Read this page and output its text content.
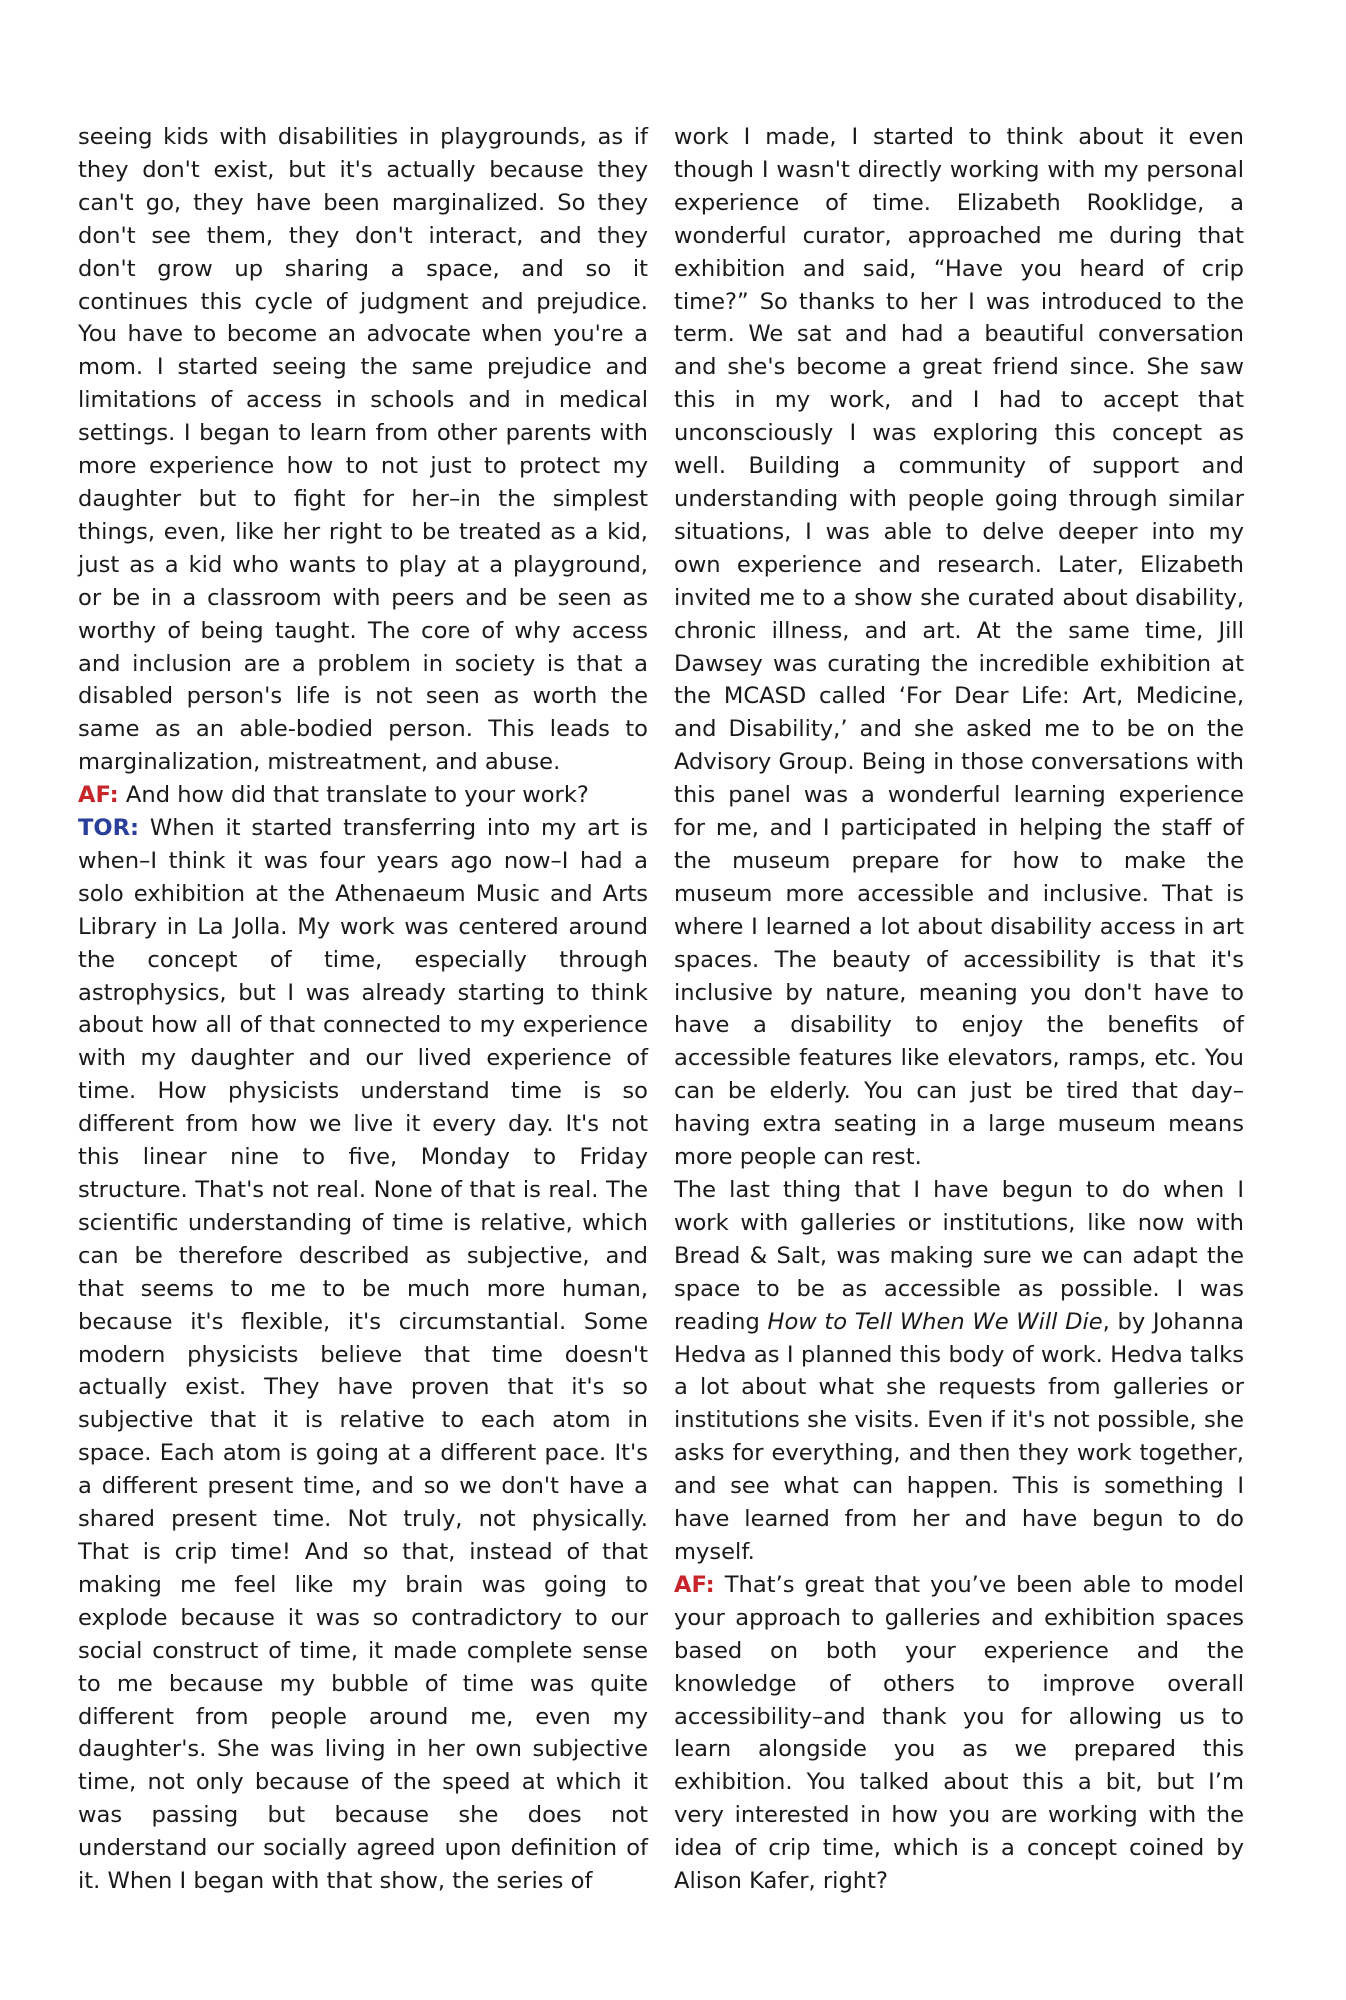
seeing kids with disabilities in playgrounds, as if they don't exist, but it's actually because they can't go, they have been marginalized. So they don't see them, they don't interact, and they don't grow up sharing a space, and so it continues this cycle of judgment and prejudice. You have to become an advocate when you're a mom. I started seeing the same prejudice and limitations of access in schools and in medical settings. I began to learn from other parents with more experience how to not just to protect my daughter but to fight for her–in the simplest things, even, like her right to be treated as a kid, just as a kid who wants to play at a playground, or be in a classroom with peers and be seen as worthy of being taught. The core of why access and inclusion are a problem in society is that a disabled person's life is not seen as worth the same as an able-bodied person. This leads to marginalization, mistreatment, and abuse.

AF: And how did that translate to your work?

TOR: When it started transferring into my art is when–I think it was four years ago now–I had a solo exhibition at the Athenaeum Music and Arts Library in La Jolla. My work was centered around the concept of time, especially through astrophysics, but I was already starting to think about how all of that connected to my experience with my daughter and our lived experience of time. How physicists understand time is so different from how we live it every day. It's not this linear nine to five, Monday to Friday structure. That's not real. None of that is real. The scientific understanding of time is relative, which can be therefore described as subjective, and that seems to me to be much more human, because it's flexible, it's circumstantial. Some modern physicists believe that time doesn't actually exist. They have proven that it's so subjective that it is relative to each atom in space. Each atom is going at a different pace. It's a different present time, and so we don't have a shared present time. Not truly, not physically. That is crip time! And so that, instead of that making me feel like my brain was going to explode because it was so contradictory to our social construct of time, it made complete sense to me because my bubble of time was quite different from people around me, even my daughter's. She was living in her own subjective time, not only because of the speed at which it was passing but because she does not understand our socially agreed upon definition of it. When I began with that show, the series of

work I made, I started to think about it even though I wasn't directly working with my personal experience of time. Elizabeth Rooklidge, a wonderful curator, approached me during that exhibition and said, “Have you heard of crip time?” So thanks to her I was introduced to the term. We sat and had a beautiful conversation and she's become a great friend since. She saw this in my work, and I had to accept that unconsciously I was exploring this concept as well. Building a community of support and understanding with people going through similar situations, I was able to delve deeper into my own experience and research. Later, Elizabeth invited me to a show she curated about disability, chronic illness, and art. At the same time, Jill Dawsey was curating the incredible exhibition at the MCASD called ‘For Dear Life: Art, Medicine, and Disability,’ and she asked me to be on the Advisory Group. Being in those conversations with this panel was a wonderful learning experience for me, and I participated in helping the staff of the museum prepare for how to make the museum more accessible and inclusive. That is where I learned a lot about disability access in art spaces. The beauty of accessibility is that it's inclusive by nature, meaning you don't have to have a disability to enjoy the benefits of accessible features like elevators, ramps, etc. You can be elderly. You can just be tired that day–having extra seating in a large museum means more people can rest.

The last thing that I have begun to do when I work with galleries or institutions, like now with Bread & Salt, was making sure we can adapt the space to be as accessible as possible. I was reading How to Tell When We Will Die, by Johanna Hedva as I planned this body of work. Hedva talks a lot about what she requests from galleries or institutions she visits. Even if it's not possible, she asks for everything, and then they work together, and see what can happen. This is something I have learned from her and have begun to do myself.

AF: That’s great that you’ve been able to model your approach to galleries and exhibition spaces based on both your experience and the knowledge of others to improve overall accessibility–and thank you for allowing us to learn alongside you as we prepared this exhibition. You talked about this a bit, but I’m very interested in how you are working with the idea of crip time, which is a concept coined by Alison Kafer, right?
